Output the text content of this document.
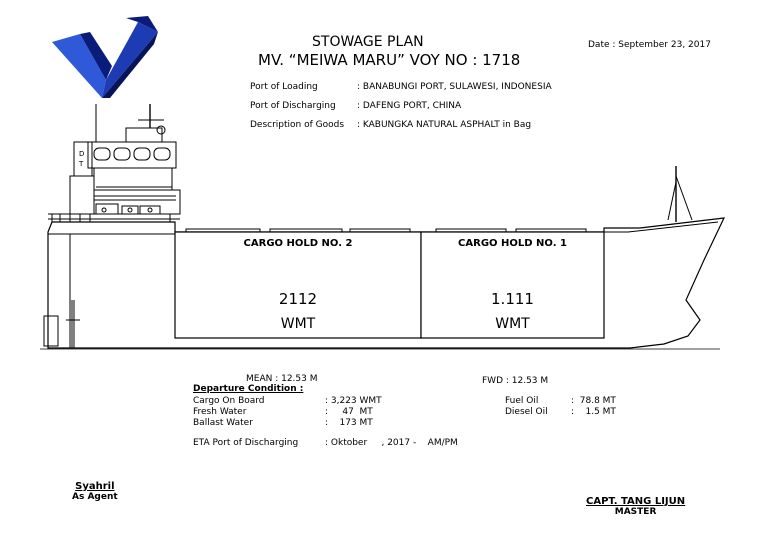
STOWAGE PLAN
MV. “MEIWA MARU” VOY NO : 1718
Date : September 23, 2017
Port of Loading	: BANABUNGI PORT, SULAWESI, INDONESIA
Port of Discharging	: DAFENG PORT, CHINA
Description of Goods	: KABUNGKA NATURAL ASPHALT in Bag
D
T
CARGO HOLD NO. 2
2112
WMT
CARGO HOLD NO. 1
1.111
WMT
MEAN : 12.53 M	FWD : 12.53 M
Departure Condition :
Cargo On Board	: 3,223 WMT
Fresh Water	:     47  MT
Ballast Water	:    173 MT
ETA Port of Discharging	: Oktober     , 2017 -    AM/PM
Fuel Oil	:  78.8 MT
Diesel Oil	:    1.5 MT
Syahril
As Agent	CAPT. TANG LIJUN
MASTER
